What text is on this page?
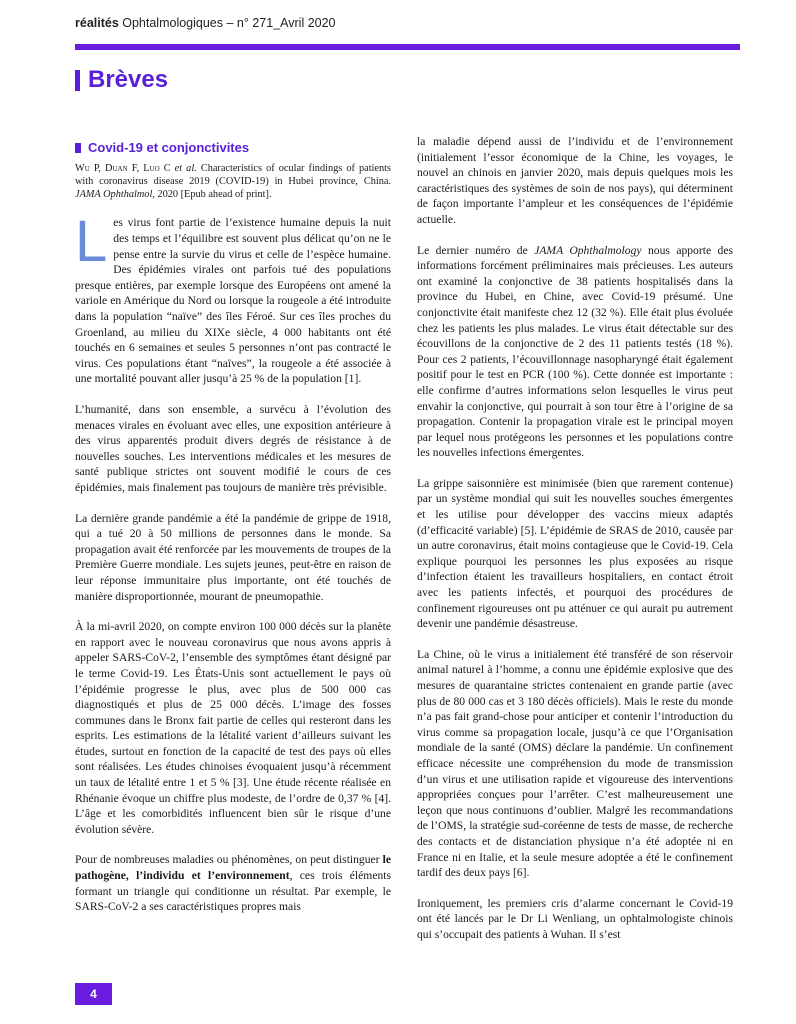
réalités Ophtalmologiques – n° 271_Avril 2020
Brèves
Covid-19 et conjonctivites
Wu P, Duan F, Luo C et al. Characteristics of ocular findings of patients with coronavirus disease 2019 (COVID-19) in Hubei province, China. JAMA Ophthalmol, 2020 [Epub ahead of print].

Les virus font partie de l’existence humaine depuis la nuit des temps et l’équilibre est souvent plus délicat qu’on ne le pense entre la survie du virus et celle de l’espèce humaine. Des épidémies virales ont parfois tué des populations presque entières, par exemple lorsque des Européens ont amené la variole en Amérique du Nord ou lorsque la rougeole a été introduite dans la population “naïve” des îles Féroé. Sur ces îles proches du Groenland, au milieu du XIXe siècle, 4 000 habitants ont été touchés en 6 semaines et seules 5 personnes n’ont pas contracté le virus. Ces populations étant “naïves”, la rougeole a été associée à une mortalité pouvant aller jusqu’à 25 % de la population [1].

L’humanité, dans son ensemble, a survécu à l’évolution des menaces virales en évoluant avec elles, une exposition antérieure à des virus apparentés produit divers degrés de résistance à de nouvelles souches. Les interventions médicales et les mesures de santé publique strictes ont souvent modifié le cours de ces épidémies, mais finalement pas toujours de manière très prévisible.

La dernière grande pandémie a été la pandémie de grippe de 1918, qui a tué 20 à 50 millions de personnes dans le monde. Sa propagation avait été renforcée par les mouvements de troupes de la Première Guerre mondiale. Les sujets jeunes, peut-être en raison de leur réponse immunitaire plus importante, ont été touchés de manière disproportionnée, mourant de pneumopathie.

À la mi-avril 2020, on compte environ 100 000 décès sur la planète en rapport avec le nouveau coronavirus que nous avons appris à appeler SARS-CoV-2, l’ensemble des symptômes étant désigné par le terme Covid-19. Les États-Unis sont actuellement le pays où l’épidémie progresse le plus, avec plus de 500 000 cas diagnostiqués et plus de 25 000 décès. L’image des fosses communes dans le Bronx fait partie de celles qui resteront dans les esprits. Les estimations de la létalité varient d’ailleurs suivant les études, surtout en fonction de la capacité de test des pays où elles sont réalisées. Les études chinoises évoquaient jusqu’à récemment un taux de létalité entre 1 et 5 % [3]. Une étude récente réalisée en Rhénanie évoque un chiffre plus modeste, de l’ordre de 0,37 % [4]. L’âge et les comorbidités influencent bien sûr le risque d’une évolution sévère.

Pour de nombreuses maladies ou phénomènes, on peut distinguer le pathogène, l’individu et l’environnement, ces trois éléments formant un triangle qui conditionne un résultat. Par exemple, le SARS-CoV-2 a ses caractéristiques propres mais

la maladie dépend aussi de l’individu et de l’environnement (initialement l’essor économique de la Chine, les voyages, le nouvel an chinois en janvier 2020, mais depuis quelques mois les caractéristiques des systèmes de soin de nos pays), qui déterminent de façon importante l’ampleur et les conséquences de l’épidémie actuelle.

Le dernier numéro de JAMA Ophthalmology nous apporte des informations forcément préliminaires mais précieuses. Les auteurs ont examiné la conjonctive de 38 patients hospitalisés dans la province du Hubei, en Chine, avec Covid-19 présumé. Une conjonctivite était manifeste chez 12 (32 %). Elle était plus évoluée chez les patients les plus malades. Le virus était détectable sur des écouvillons de la conjonctive de 2 des 11 patients testés (18 %). Pour ces 2 patients, l’écouvillonnage nasopharyngé était également positif pour le test en PCR (100 %). Cette donnée est importante : elle confirme d’autres informations selon lesquelles le virus peut envahir la conjonctive, qui pourrait à son tour être à l’origine de sa propagation. Contenir la propagation virale est le principal moyen par lequel nous protégeons les personnes et les populations contre les nouvelles infections émergentes.

La grippe saisonnière est minimisée (bien que rarement contenue) par un système mondial qui suit les nouvelles souches émergentes et les utilise pour développer des vaccins mieux adaptés (d’efficacité variable) [5]. L’épidémie de SRAS de 2010, causée par un autre coronavirus, était moins contagieuse que le Covid-19. Cela explique pourquoi les personnes les plus exposées au risque d’infection étaient les travailleurs hospitaliers, en contact étroit avec les patients infectés, et pourquoi des procédures de confinement rigoureuses ont pu atténuer ce qui aurait pu autrement devenir une pandémie désastreuse.

La Chine, où le virus a initialement été transféré de son réservoir animal naturel à l’homme, a connu une épidémie explosive que des mesures de quarantaine strictes contenaient en grande partie (avec plus de 80 000 cas et 3 180 décès officiels). Mais le reste du monde n’a pas fait grand-chose pour anticiper et contenir l’introduction du virus comme sa propagation locale, jusqu’à ce que l’Organisation mondiale de la santé (OMS) déclare la pandémie. Un confinement efficace nécessite une compréhension du mode de transmission d’un virus et une utilisation rapide et vigoureuse des interventions appropriées conçues pour l’arrêter. C’est malheureusement une leçon que nous continuons d’oublier. Malgré les recommandations de l’OMS, la stratégie sud-coréenne de tests de masse, de recherche des contacts et de distanciation physique n’a été adoptée ni en France ni en Italie, et la seule mesure adoptée a été le confinement tardif des deux pays [6].

Ironiquement, les premiers cris d’alarme concernant le Covid-19 ont été lancés par le Dr Li Wenliang, un ophtalmologiste chinois qui s’occupait des patients à Wuhan. Il s’est

4
